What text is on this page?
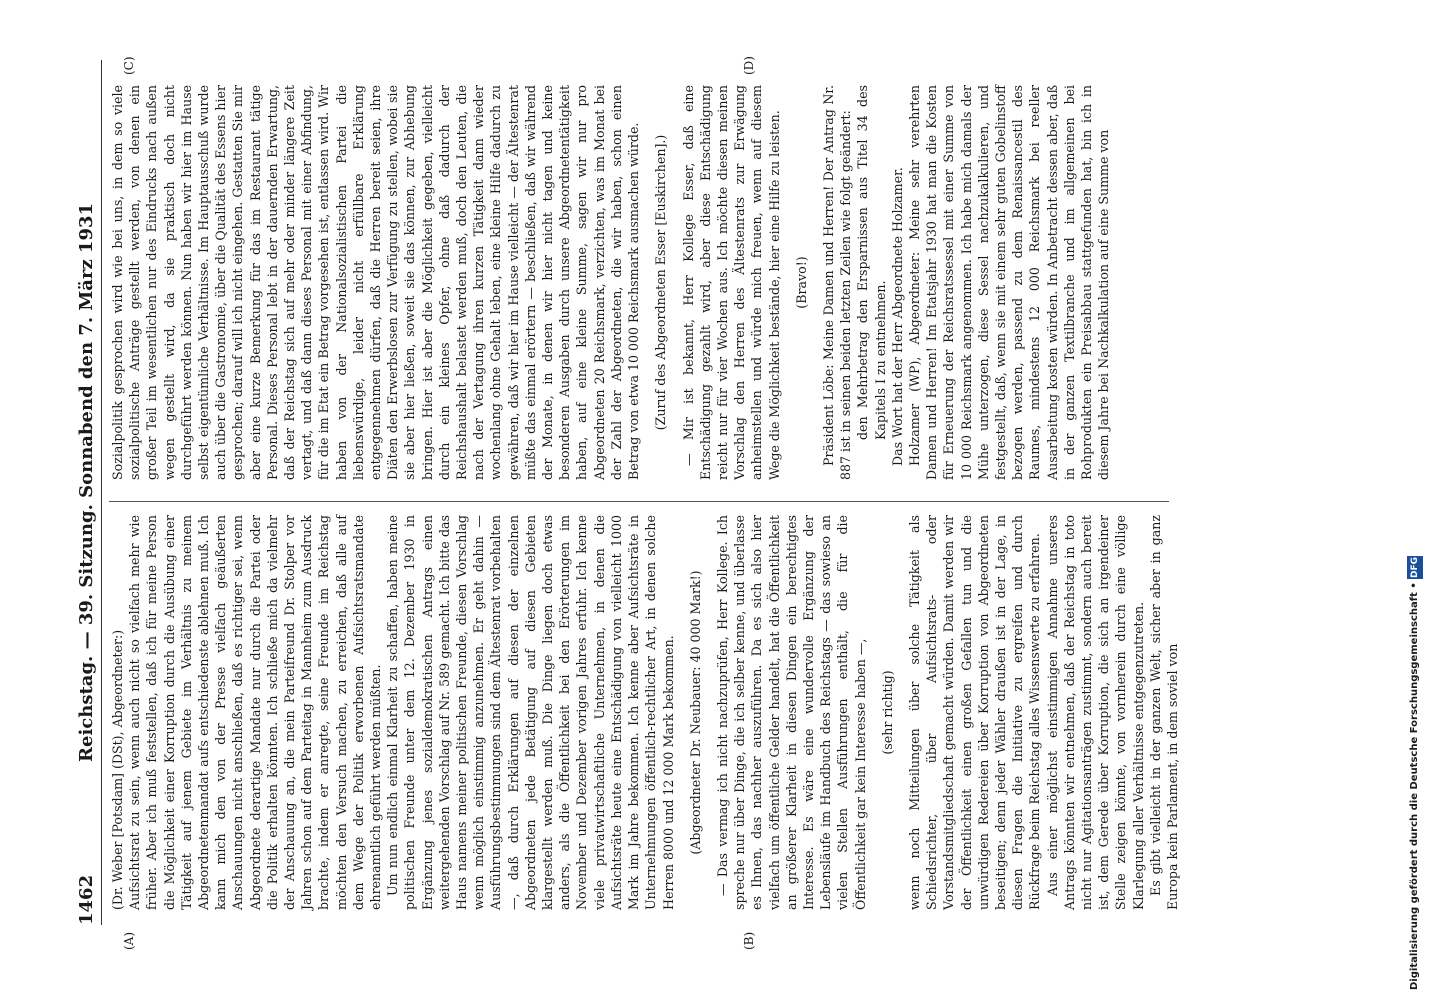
1462
Reichstag. — 39. Sitzung. Sonnabend den 7. März 1931
(A)	(B)
(C)	(D)

(Dr. Weber [Potsdam] (DSt), Abgeordneter:) Aufsichtsrat zu sein, wenn auch nicht so vielfach mehr wie früher. Aber ich muß feststellen, daß ich für meine Person die Möglichkeit einer Korruption durch die Ausübung einer Tätigkeit auf jenem Gebiete im Verhältnis zu meinem Abgeordnetenmandat aufs entschiedenste ablehnen muß. Ich kann mich den von der Presse vielfach geäußerten Anschauungen nicht anschließen, daß es richtiger sei, wenn Abgeordnete derartige Mandate nur durch die Partei oder die Politik erhalten könnten. Ich schließe mich da vielmehr der Anschauung an, die mein Parteifreund Dr. Stolper vor Jahren schon auf dem Parteitag in Mannheim zum Ausdruck brachte, indem er anregte, seine Freunde im Reichstag möchten den Versuch machen, zu erreichen, daß alle auf dem Wege der Politik erworbenen Aufsichtsratsmandate ehrenamtlich geführt werden müßten. Um nun endlich einmal Klarheit zu schaffen, haben meine politischen Freunde unter dem 12. Dezember 1930 in Ergänzung jenes sozialdemokratischen Antrags einen weitergehenden Vorschlag auf Nr. 589 gemacht. Ich bitte das Haus namens meiner politischen Freunde, diesen Vorschlag wenn möglich einstimmig anzunehmen. Er geht dahin — Ausführungsbestimmungen sind dem Ältestenrat vorbehalten —, daß durch Erklärungen auf diesen der einzelnen Abgeordneten jede Betätigung auf diesen Gebieten klargestellt werden muß. Die Dinge liegen doch etwas anders, als die Öffentlichkeit bei den Erörterungen im November und Dezember vorigen Jahres erfuhr. Ich kenne viele privatwirtschaftliche Unternehmen, in denen die Aufsichtsräte heute eine Entschädigung von vielleicht 1000 Mark im Jahre bekommen. Ich kenne aber Aufsichtsräte in Unternehmungen öffentlich-rechtlicher Art, in denen solche Herren 8000 und 12 000 Mark bekommen. (Abgeordneter Dr. Neubauer: 40 000 Mark!) — Das vermag ich nicht nachzuprüfen, Herr Kollege. Ich spreche nur über Dinge, die ich selber kenne, und überlasse es Ihnen, das nachher auszuführen. Da es sich also hier vielfach um öffentliche Gelder handelt, hat die Öffentlichkeit an größerer Klarheit in diesen Dingen ein berechtigtes Interesse. Es wäre eine wundervolle Ergänzung der Lebensläufe im Handbuch des Reichstags — das sowieso an vielen Stellen Ausführungen enthält, die für die Öffentlichkeit gar kein Interesse haben —, (sehr richtig) wenn noch Mitteilungen über solche Tätigkeit als Schiedsrichter, über Aufsichtsrats- oder Vorstandsmitgliedschaft gemacht würden. Damit werden wir der Öffentlichkeit einen großen Gefallen tun und die unwürdigen Redereien über Korruption von Abgeordneten beseitigen; denn jeder Wähler draußen ist in der Lage, in diesen Fragen die Initiative zu ergreifen und durch Rückfrage beim Reichstag alles Wissenswerte zu erfahren. Aus einer möglichst einstimmigen Annahme unseres Antrags könnten wir entnehmen, daß der Reichstag in toto nicht nur Agitationsanträgen zustimmt, sondern auch bereit ist, dem Gerede über Korruption, die sich an irgendeiner Stelle zeigen könnte, von vornherein durch eine völlige Klarlegung aller Verhältnisse entgegenzutreten. Es gibt vielleicht in der ganzen Welt, sicher aber in ganz Europa kein Parlament, in dem soviel von

Sozialpolitik gesprochen wird wie bei uns, in dem so viele sozialpolitische Anträge gestellt werden, von denen ein großer Teil im wesentlichen nur des Eindrucks nach außen wegen gestellt wird, da sie praktisch doch nicht durchgeführt werden können. Nun haben wir hier im Hause selbst eigentümliche Verhältnisse. Im Hauptausschuß wurde auch über die Gastronomie, über die Qualität des Essens hier gesprochen; darauf will ich nicht eingehen. Gestatten Sie mir aber eine kurze Bemerkung für das im Restaurant tätige Personal. Dieses Personal lebt in der dauernden Erwartung, daß der Reichstag sich auf mehr oder minder längere Zeit vertagt, und daß dann dieses Personal mit einer Abfindung, für die im Etat ein Betrag vorgesehen ist, entlassen wird. Wir haben von der Nationalsozialistischen Partei die liebenswürdige, leider nicht erfüllbare Erklärung entgegennehmen dürfen, daß die Herren bereit seien, ihre Diäten den Erwerbslosen zur Verfügung zu stellen, wobei sie sie aber hier ließen, soweit sie das können, zur Abhebung bringen. Hier ist aber die Möglichkeit gegeben, vielleicht durch ein kleines Opfer, ohne daß dadurch der Reichshaushalt belastet werden muß, doch den Leuten, die nach der Vertagung ihren kurzen Tätigkeit dann wieder wochenlang ohne Gehalt leben, eine kleine Hilfe dadurch zu gewähren, daß wir hier im Hause vielleicht — der Ältestenrat müßte das einmal erörtern — beschließen, daß wir während der Monate, in denen wir hier nicht tagen und keine besonderen Ausgaben durch unsere Abgeordnetentätigkeit haben, auf eine kleine Summe, sagen wir nur pro Abgeordneten 20 Reichsmark, verzichten, was im Monat bei der Zahl der Abgeordneten, die wir haben, schon einen Betrag von etwa 10 000 Reichsmark ausmachen würde. (Zuruf des Abgeordneten Esser [Euskirchen].) — Mir ist bekannt, Herr Kollege Esser, daß eine Entschädigung gezahlt wird, aber diese Entschädigung reicht nur für vier Wochen aus. Ich möchte diesen meinen Vorschlag den Herren des Ältestenrats zur Erwägung anheimstellen und würde mich freuen, wenn auf diesem Wege die Möglichkeit bestände, hier eine Hilfe zu leisten. (Bravo!) Präsident Löbe: Meine Damen und Herren! Der Antrag Nr. 887 ist in seinen beiden letzten Zeilen wie folgt geändert: den Mehrbetrag den Ersparnissen aus Titel 34 des Kapitels I zu entnehmen. Das Wort hat der Herr Abgeordnete Holzamer. Holzamer (WP), Abgeordneter: Meine sehr verehrten Damen und Herren! Im Etatsjahr 1930 hat man die Kosten für Erneuerung der Reichsratssessel mit einer Summe von 10 000 Reichsmark angenommen. Ich habe mich damals der Mühe unterzogen, diese Sessel nachzukalkulieren, und festgestellt, daß, wenn sie mit einem sehr guten Gobelinstoff bezogen werden, passend zu dem Renaissancestil des Raumes, mindestens 12 000 Reichsmark bei reeller Ausarbeitung kosten würden. In Anbetracht dessen aber, daß in der ganzen Textilbranche und im allgemeinen bei Rohprodukten ein Preisabbau stattgefunden hat, bin ich in diesem Jahre bei Nachkalkulation auf eine Summe von

Digitalisierung gefördert durch die Deutsche Forschungsgemeinschaft • DFG
